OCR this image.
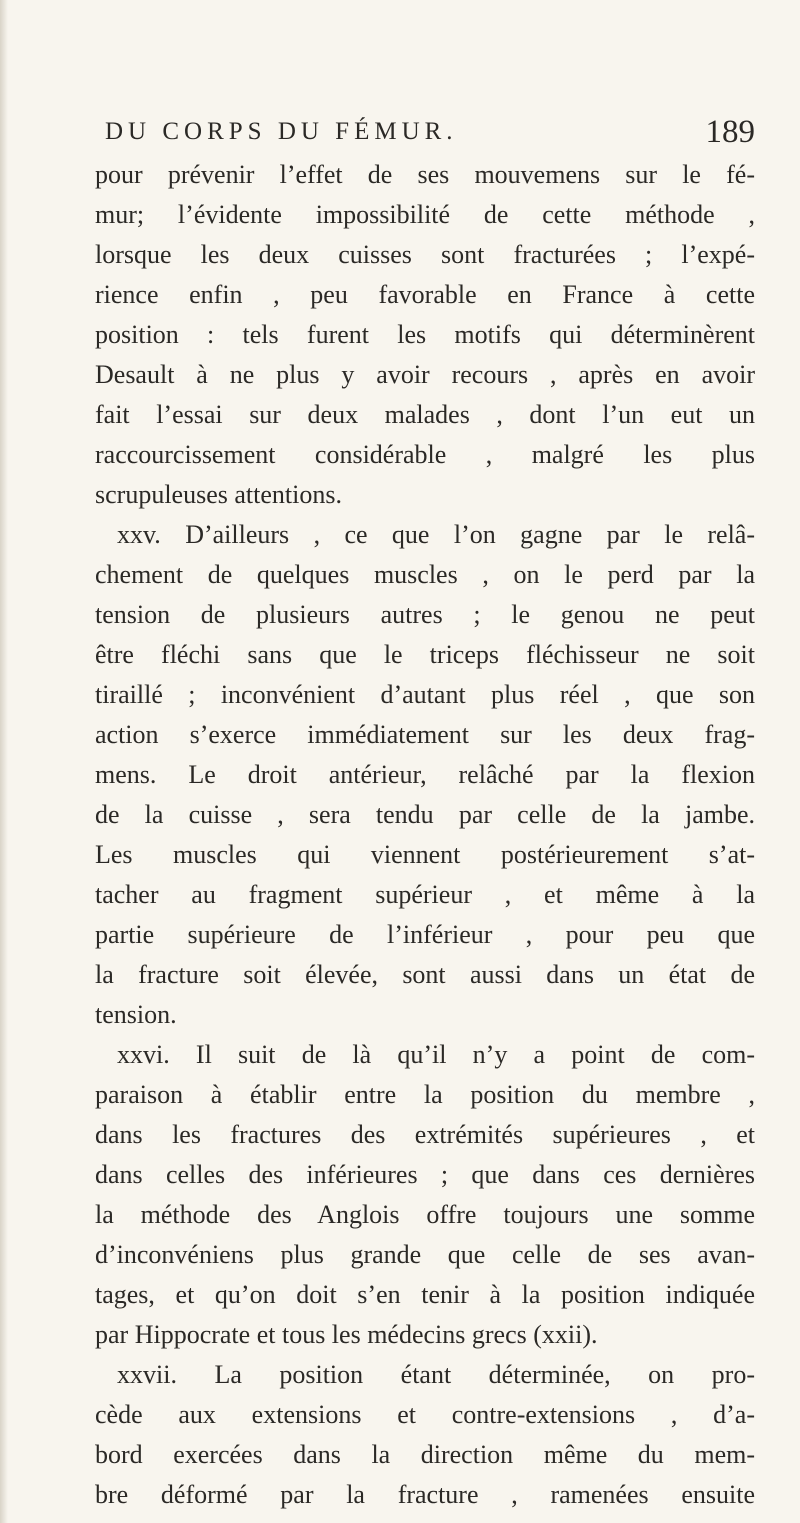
DU CORPS DU FÉMUR.	189
pour prévenir l’effet de ses mouvemens sur le fé-
mur; l’évidente impossibilité de cette méthode ,
lorsque les deux cuisses sont fracturées ; l’expé-
rience enfin , peu favorable en France à cette
position : tels furent les motifs qui déterminèrent
Desault à ne plus y avoir recours , après en avoir
fait l’essai sur deux malades , dont l’un eut un
raccourcissement considérable , malgré les plus
scrupuleuses attentions.
xxv. D’ailleurs , ce que l’on gagne par le relâ-
chement de quelques muscles , on le perd par la
tension de plusieurs autres ; le genou ne peut
être fléchi sans que le triceps fléchisseur ne soit
tiraillé ; inconvénient d’autant plus réel , que son
action s’exerce immédiatement sur les deux frag-
mens. Le droit antérieur, relâché par la flexion
de la cuisse , sera tendu par celle de la jambe.
Les muscles qui viennent postérieurement s’at-
tacher au fragment supérieur , et même à la
partie supérieure de l’inférieur , pour peu que
la fracture soit élevée, sont aussi dans un état de
tension.
xxvi. Il suit de là qu’il n’y a point de com-
paraison à établir entre la position du membre ,
dans les fractures des extrémités supérieures , et
dans celles des inférieures ; que dans ces dernières
la méthode des Anglois offre toujours une somme
d’inconvéniens plus grande que celle de ses avan-
tages, et qu’on doit s’en tenir à la position indiquée
par Hippocrate et tous les médecins grecs (xxii).
xxvii. La position étant déterminée, on pro-
cède aux extensions et contre-extensions , d’a-
bord exercées dans la direction même du mem-
bre déformé par la fracture , ramenées ensuite
